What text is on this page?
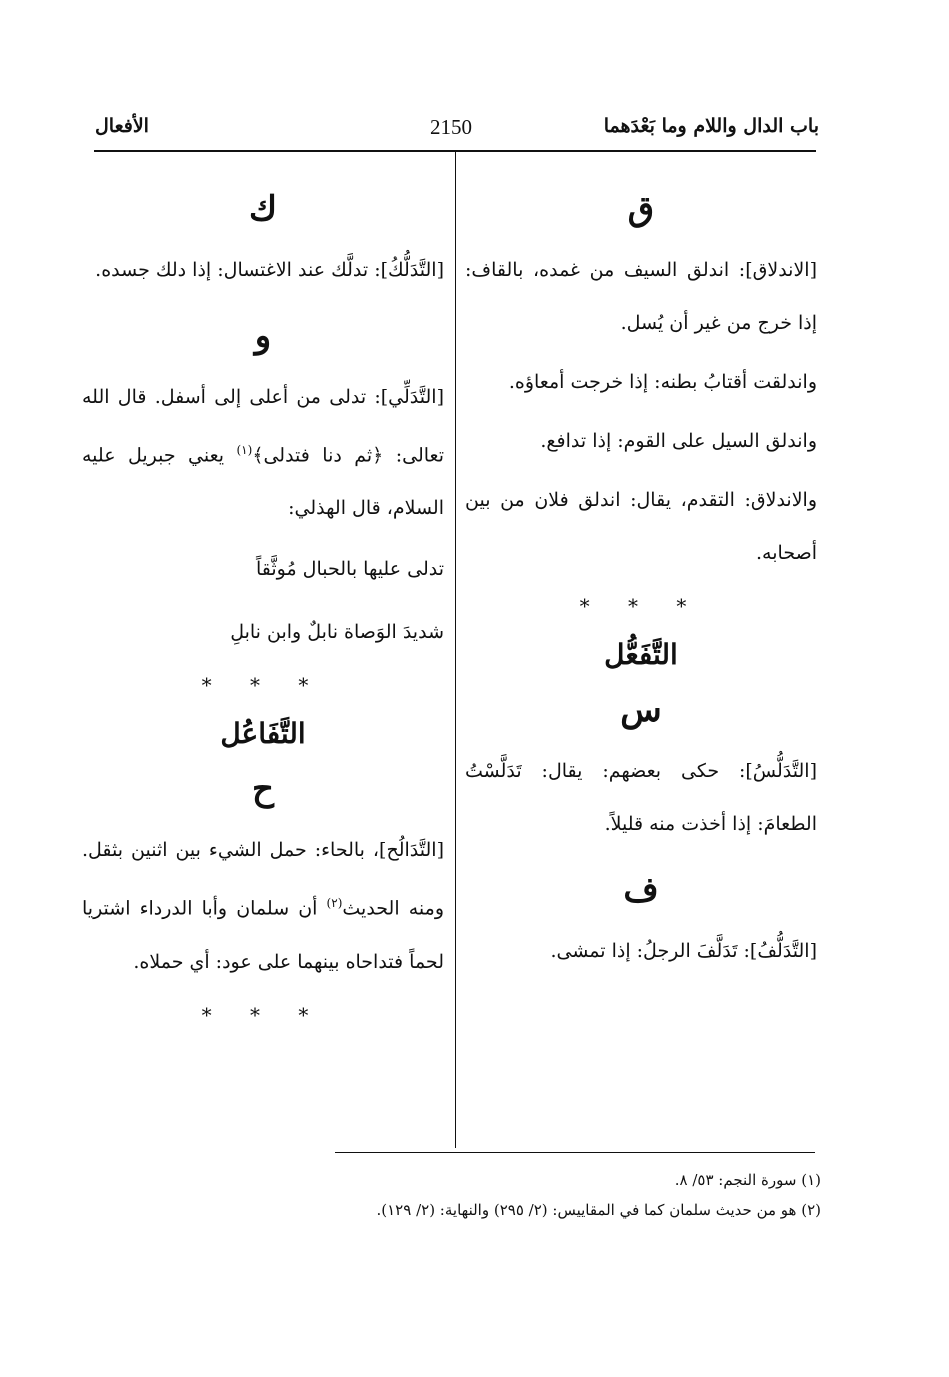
باب الدال واللام وما بَعْدَهما
2150
الأفعال
ق

[الاندلاق]: اندلق السيف من غمده، بالقاف: إذا خرج من غير أن يُسل.

واندلقت أقتابُ بطنه: إذا خرجت أمعاؤه.

واندلق السيل على القوم: إذا تدافع.

والاندلاق: التقدم، يقال: اندلق فلان من بين أصحابه.

* * *
التَّفَعُّل
س

[التَّدَلُّسُ]: حكى بعضهم: يقال: تَدَلَّسْتُ الطعامَ: إذا أخذت منه قليلاً.

ف

[التَّدَلُّفُ]: تَدَلَّفَ الرجلُ: إذا تمشى.

ك

[التَّدَلُّكُ]: تدلَّك عند الاغتسال: إذا دلك جسده.

و

[التَّدَلِّي]: تدلى من أعلى إلى أسفل. قال الله تعالى: ﴿ثم دنا فتدلى﴾$^{(١)}$ يعني جبريل عليه السلام، قال الهذلي:

تدلى عليها بالحبال مُوثَّقاً
شديدَ الوَصاة نابلٌ وابن نابلِ
* * *
التَّفَاعُل
ح

[التَّدَالُح]، بالحاء: حمل الشيء بين اثنين بثقل. ومنه الحديث$^{(٢)}$ أن سلمان وأبا الدرداء اشتريا لحماً فتداحاه بينهما على عود: أي حملاه.

* * *

(١) سورة النجم: ٥٣/ ٨.

(٢) هو من حديث سلمان كما في المقاييس: (٢/ ٢٩٥) والنهاية: (٢/ ١٢٩).
